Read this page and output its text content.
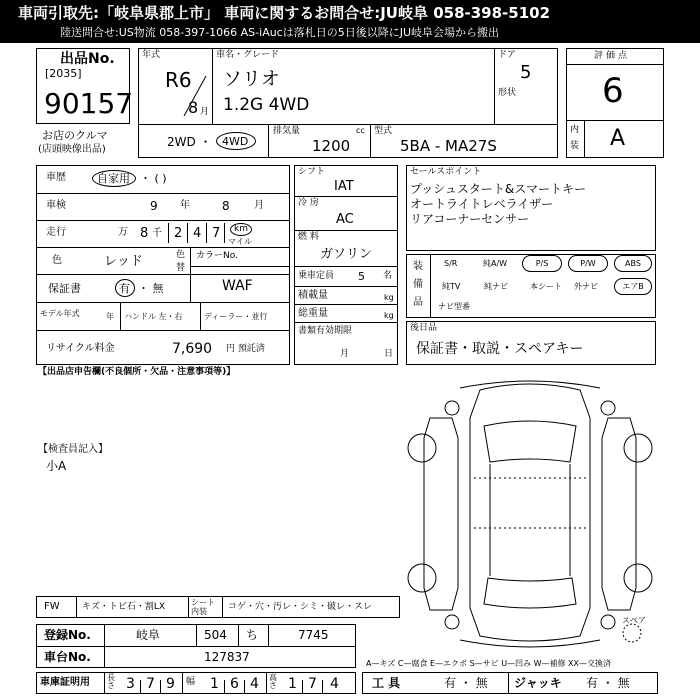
車両引取先:「岐阜県郡上市」 車両に関するお問合せ:JU岐阜 058-398-5102
陸送問合せ:US物流 058-397-1066 AS-iAucは落札日の5日後以降にJU岐阜会場から搬出
出品No.
[2035]
90157
お店のクルマ
(店頭映像出品)
年式
R6
8 月
車名・グレード
ソリオ
1.2G 4WD
ドア
5
形状
2WD ・ 4WD
排気量	cc
1200
型式
5BA - MA27S
評価点
6
内
装 A
車歴	自家用 ・ ( )
車検	9 年	8 月
走行	万 8 千 2 4 7 km
マイル
色	レッド	色
替
カラーNo.
WAF
保証書	有 ・ 無
モデル年式	年 ハンドル 左・右	ディーラー・並行
リサイクル料金	7,690 円 預託済
シフト
IAT
冷 房
AC
燃 料
ガソリン
乗車定員 5 名
積載量	kg
総重量	kg
書類有効期限
月	日
セールスポイント
プッシュスタート&スマートキー
オートライトレベライザー
リアコーナーセンサー
装
備
品
S/R	純A/W	P/S	P/W	ABS
純TV	純ナビ	本シート 外ナビ	エアB
ナビ型番
後日品
保証書・取説・スペアキー
【出品店申告欄(不良個所・欠品・注意事項等)】
【検査員記入】
小A
スペア
FW キズ・トビ石・割LX	シート内装	コゲ・穴・汚レ・シミ・破レ・スレ
登録No.	岐阜	504 ち	7745
車台No.	127837	A—キズ C—腐食 E—エクボ S—サビ U—凹み W—補修 XX—交換済
車庫証明用 長さ 3 7 9 幅 1 6 4 高さ 1 7 4	工 具	有 ・ 無 ジャッキ 有 ・ 無
